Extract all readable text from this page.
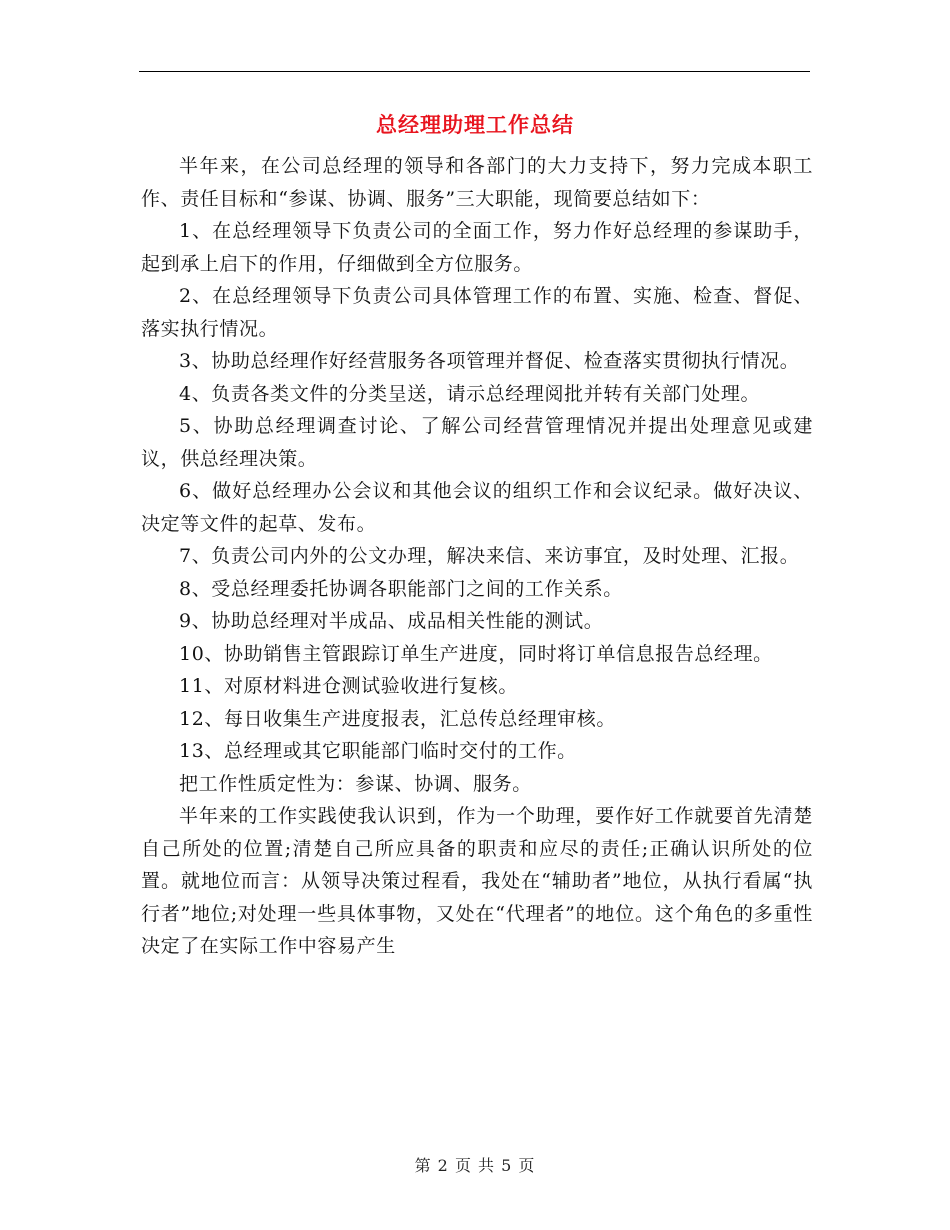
总经理助理工作总结

半年来，在公司总经理的领导和各部门的大力支持下，努力完成本职工作、责任目标和“参谋、协调、服务”三大职能，现简要总结如下：

1、在总经理领导下负责公司的全面工作，努力作好总经理的参谋助手，起到承上启下的作用，仔细做到全方位服务。

2、在总经理领导下负责公司具体管理工作的布置、实施、检查、督促、落实执行情况。

3、协助总经理作好经营服务各项管理并督促、检查落实贯彻执行情况。

4、负责各类文件的分类呈送，请示总经理阅批并转有关部门处理。

5、协助总经理调查讨论、了解公司经营管理情况并提出处理意见或建议，供总经理决策。

6、做好总经理办公会议和其他会议的组织工作和会议纪录。做好决议、决定等文件的起草、发布。

7、负责公司内外的公文办理，解决来信、来访事宜，及时处理、汇报。

8、受总经理委托协调各职能部门之间的工作关系。

9、协助总经理对半成品、成品相关性能的测试。

10、协助销售主管跟踪订单生产进度，同时将订单信息报告总经理。

11、对原材料进仓测试验收进行复核。

12、每日收集生产进度报表，汇总传总经理审核。

13、总经理或其它职能部门临时交付的工作。

把工作性质定性为：参谋、协调、服务。

半年来的工作实践使我认识到，作为一个助理，要作好工作就要首先清楚自己所处的位置;清楚自己所应具备的职责和应尽的责任;正确认识所处的位置。就地位而言：从领导决策过程看，我处在“辅助者”地位，从执行看属“执行者”地位;对处理一些具体事物，又处在“代理者”的地位。这个角色的多重性决定了在实际工作中容易产生

第 2 页 共 5 页
